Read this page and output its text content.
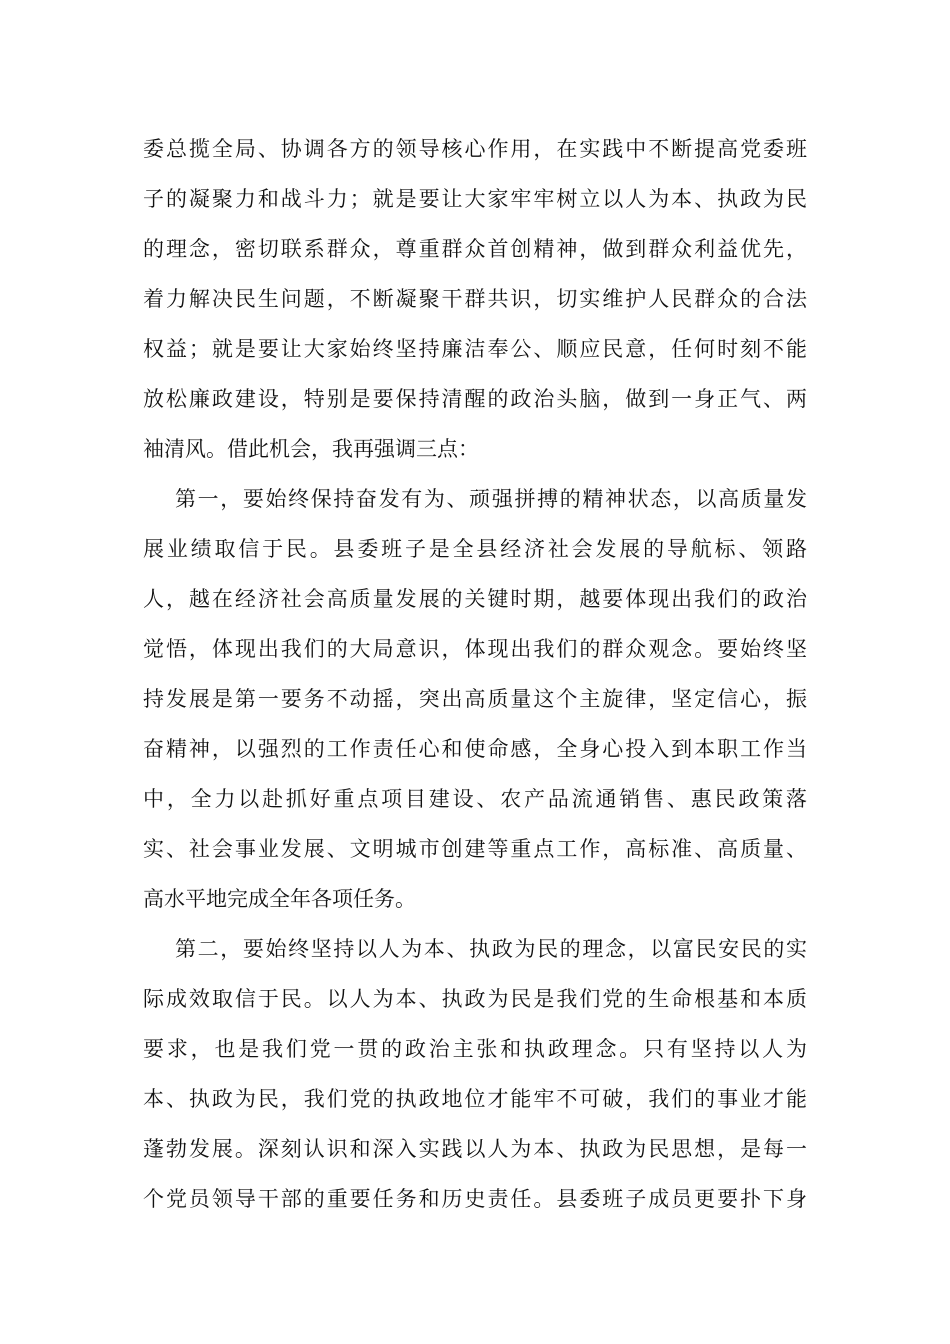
委总揽全局、协调各方的领导核心作用，在实践中不断提高党委班
子的凝聚力和战斗力；就是要让大家牢牢树立以人为本、执政为民
的理念，密切联系群众，尊重群众首创精神，做到群众利益优先，
着力解决民生问题，不断凝聚干群共识，切实维护人民群众的合法
权益；就是要让大家始终坚持廉洁奉公、顺应民意，任何时刻不能
放松廉政建设，特别是要保持清醒的政治头脑，做到一身正气、两
袖清风。借此机会，我再强调三点：
第一，要始终保持奋发有为、顽强拼搏的精神状态，以高质量发
展业绩取信于民。县委班子是全县经济社会发展的导航标、领路
人，越在经济社会高质量发展的关键时期，越要体现出我们的政治
觉悟，体现出我们的大局意识，体现出我们的群众观念。要始终坚
持发展是第一要务不动摇，突出高质量这个主旋律，坚定信心，振
奋精神，以强烈的工作责任心和使命感，全身心投入到本职工作当
中，全力以赴抓好重点项目建设、农产品流通销售、惠民政策落
实、社会事业发展、文明城市创建等重点工作，高标准、高质量、
高水平地完成全年各项任务。
第二，要始终坚持以人为本、执政为民的理念，以富民安民的实
际成效取信于民。以人为本、执政为民是我们党的生命根基和本质
要求，也是我们党一贯的政治主张和执政理念。只有坚持以人为
本、执政为民，我们党的执政地位才能牢不可破，我们的事业才能
蓬勃发展。深刻认识和深入实践以人为本、执政为民思想，是每一
个党员领导干部的重要任务和历史责任。县委班子成员更要扑下身
